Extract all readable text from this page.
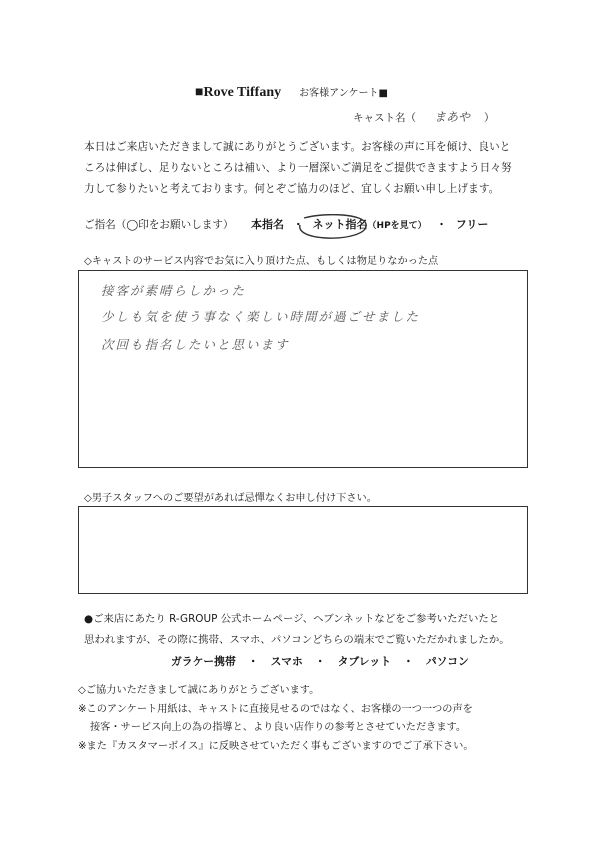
■Rove Tiffany お客様アンケート■
キャスト名（ まあや ）
本日はご来店いただきまして誠にありがとうございます。お客様の声に耳を傾け、良いと
ころは伸ばし、足りないところは補い、より一層深いご満足をご提供できますよう日々努
力して参りたいと考えております。何とぞご協力のほど、宜しくお願い申し上げます。
ご指名（◯印をお願いします） 本指名 ・ ネット指名（HPを見て） ・ フリー
◇キャストのサービス内容でお気に入り頂けた点、もしくは物足りなかった点
接客が素晴らしかった
少しも気を使う事なく楽しい時間が過ごせました
次回も指名したいと思います
◇男子スタッフへのご要望があれば忌憚なくお申し付け下さい。
●ご来店にあたり R-GROUP 公式ホームページ、ヘブンネットなどをご参考いただいたと
思われますが、その際に携帯、スマホ、パソコンどちらの端末でご覧いただかれましたか。
ガラケー携帯 ・ スマホ ・ タブレット ・ パソコン
◇ご協力いただきまして誠にありがとうございます。
※このアンケート用紙は、キャストに直接見せるのではなく、お客様の一つ一つの声を
接客・サービス向上の為の指導と、より良い店作りの参考とさせていただきます。
※また『カスタマーボイス』に反映させていただく事もございますのでご了承下さい。
